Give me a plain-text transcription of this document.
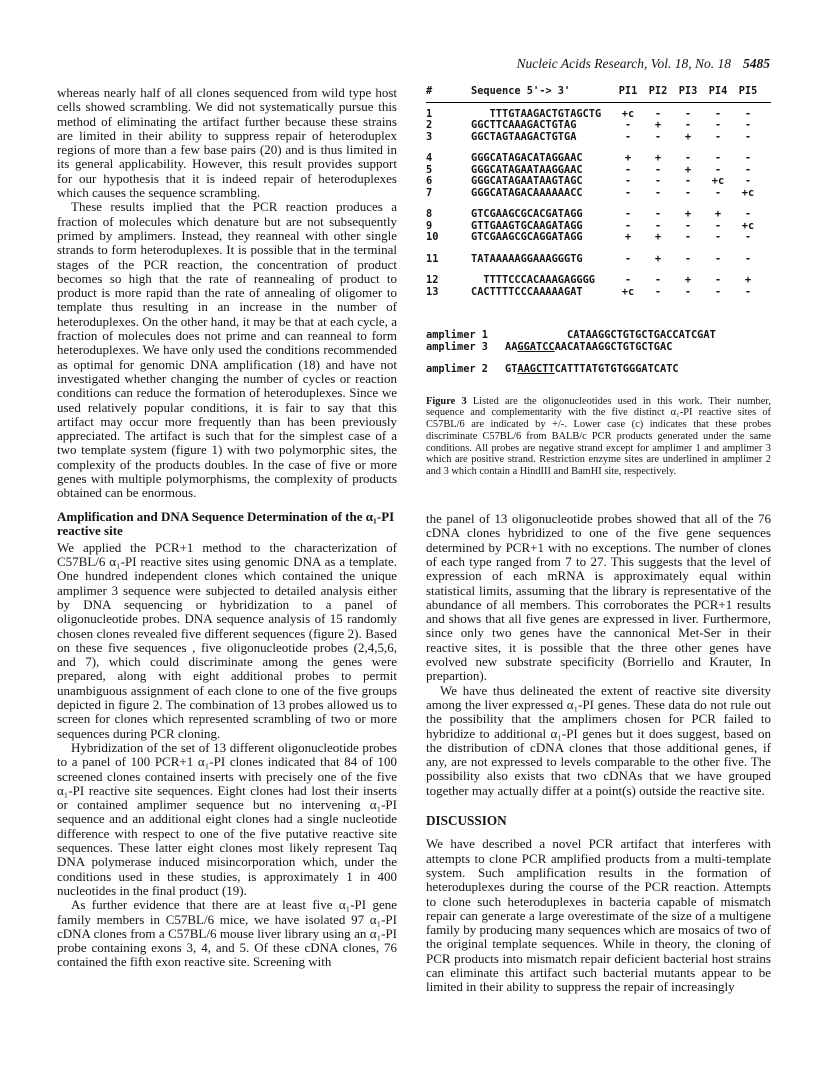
Nucleic Acids Research, Vol. 18, No. 18 5485

whereas nearly half of all clones sequenced from wild type host cells showed scrambling. We did not systematically pursue this method of eliminating the artifact further because these strains are limited in their ability to suppress repair of heteroduplex regions of more than a few base pairs (20) and is thus limited in its general applicability. However, this result provides support for our hypothesis that it is indeed repair of heteroduplexes which causes the sequence scrambling.

These results implied that the PCR reaction produces a fraction of molecules which denature but are not subsequently primed by amplimers. Instead, they reanneal with other single strands to form heteroduplexes. It is possible that in the terminal stages of the PCR reaction, the concentration of product becomes so high that the rate of reannealing of product to product is more rapid than the rate of annealing of oligomer to template thus resulting in an increase in the number of heteroduplexes. On the other hand, it may be that at each cycle, a fraction of molecules does not prime and can reanneal to form heteroduplexes. We have only used the conditions recommended as optimal for genomic DNA amplification (18) and have not investigated whether changing the number of cycles or reaction conditions can reduce the formation of heteroduplexes. Since we used relatively popular conditions, it is fair to say that this artifact may occur more frequently than has been previously appreciated. The artifact is such that for the simplest case of a two template system (figure 1) with two polymorphic sites, the complexity of the products doubles. In the case of five or more genes with multiple polymorphisms, the complexity of products obtained can be enormous.

Amplification and DNA Sequence Determination of the α₁-PI reactive site

We applied the PCR+1 method to the characterization of C57BL/6 α₁-PI reactive sites using genomic DNA as a template. One hundred independent clones which contained the unique amplimer 3 sequence were subjected to detailed analysis either by DNA sequencing or hybridization to a panel of oligonucleotide probes. DNA sequence analysis of 15 randomly chosen clones revealed five different sequences (figure 2). Based on these five sequences , five oligonucleotide probes (2,4,5,6, and 7), which could discriminate among the genes were prepared, along with eight additional probes to permit unambiguous assignment of each clone to one of the five groups depicted in figure 2. The combination of 13 probes allowed us to screen for clones which represented scrambling of two or more sequences during PCR cloning.

Hybridization of the set of 13 different oligonucleotide probes to a panel of 100 PCR+1 α₁-PI clones indicated that 84 of 100 screened clones contained inserts with precisely one of the five α₁-PI reactive site sequences. Eight clones had lost their inserts or contained amplimer sequence but no intervening α₁-PI sequence and an additional eight clones had a single nucleotide difference with respect to one of the five putative reactive site sequences. These latter eight clones most likely represent Taq DNA polymerase induced misincorporation which, under the conditions used in these studies, is approximately 1 in 400 nucleotides in the final product (19).

As further evidence that there are at least five α₁-PI gene family members in C57BL/6 mice, we have isolated 97 α₁-PI cDNA clones from a C57BL/6 mouse liver library using an α₁-PI probe containing exons 3, 4, and 5. Of these cDNA clones, 76 contained the fifth exon reactive site. Screening with

#	Sequence 5'-> 3'	PI1	PI2	PI3	PI4	PI5
1	TTTGTAAGACTGTAGCTG	+c	-	-	-	-
2	GGCTTCAAAGACTGTAG	-	+	-	-	-
3	GGCTAGTAAGACTGTGA	-	-	+	-	-
4	GGGCATAGACATAGGAAC	+	+	-	-	-
5	GGGCATAGAATAAGGAAC	-	-	+	-	-
6	GGGCATAGAATAAGTAGC	-	-	-	+c	-
7	GGGCATAGACAAAAAACC	-	-	-	-	+c
8	GTCGAAGCGCACGATAGG	-	-	+	+	-
9	GTTGAAGTGCAAGATAGG	-	-	-	-	+c
10	GTCGAAGCGCAGGATAGG	+	+	-	-	-
11	TATAAAAAGGAAAGGGTG	-	+	-	-	-
12	TTTTCCCACAAAGAGGGG	-	-	+	-	+
13	CACTTTTCCCAAAAAGAT	+c	-	-	-	-
amplimer 1	CATAAGGCTGTGCTGACCATCGAT
amplimer 3	AAGGATCCAACATAAGGCTGTGCTGAC
amplimer 2	GTAAGCTTCATTTATGTGTGGGATCATC

Figure 3 Listed are the oligonucleotides used in this work. Their number, sequence and complementarity with the five distinct α₁-PI reactive sites of C57BL/6 are indicated by +/-. Lower case (c) indicates that these probes discriminate C57BL/6 from BALB/c PCR products generated under the same conditions. All probes are negative strand except for amplimer 1 and amplimer 3 which are positive strand. Restriction enzyme sites are underlined in amplimer 2 and 3 which contain a HindIII and BamHI site, respectively.

the panel of 13 oligonucleotide probes showed that all of the 76 cDNA clones hybridized to one of the five gene sequences determined by PCR+1 with no exceptions. The number of clones of each type ranged from 7 to 27. This suggests that the level of expression of each mRNA is approximately equal within statistical limits, assuming that the library is representative of the abundance of all members. This corroborates the PCR+1 results and shows that all five genes are expressed in liver. Furthermore, since only two genes have the cannonical Met-Ser in their reactive sites, it is possible that the three other genes have evolved new substrate specificity (Borriello and Krauter, In prepartion).

We have thus delineated the extent of reactive site diversity among the liver expressed α₁-PI genes. These data do not rule out the possibility that the amplimers chosen for PCR failed to hybridize to additional α₁-PI genes but it does suggest, based on the distribution of cDNA clones that those additional genes, if any, are not expressed to levels comparable to the other five. The possibility also exists that two cDNAs that we have grouped together may actually differ at a point(s) outside the reactive site.

DISCUSSION

We have described a novel PCR artifact that interferes with attempts to clone PCR amplified products from a multi-template system. Such amplification results in the formation of heteroduplexes during the course of the PCR reaction. Attempts to clone such heteroduplexes in bacteria capable of mismatch repair can generate a large overestimate of the size of a multigene family by producing many sequences which are mosaics of two of the original template sequences. While in theory, the cloning of PCR products into mismatch repair deficient bacterial host strains can eliminate this artifact such bacterial mutants appear to be limited in their ability to suppress the repair of increasingly
